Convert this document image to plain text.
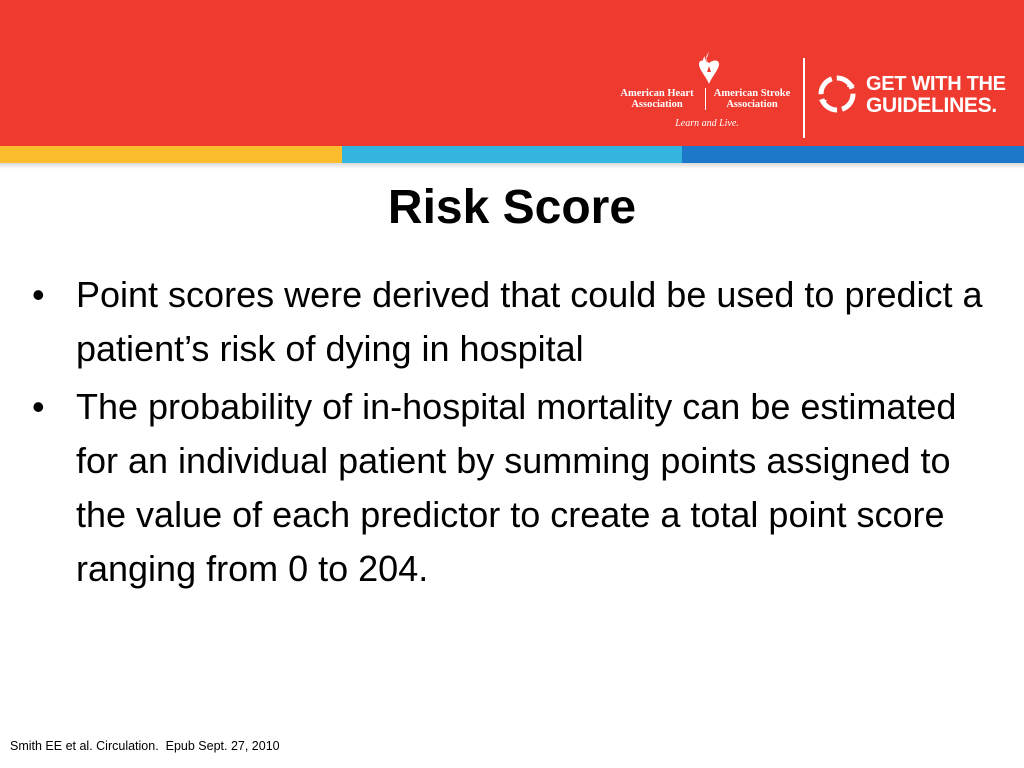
American Heart Association
American Stroke Association
Learn and Live.
GET WITH THE
GUIDELINES.
Risk Score
• Point scores were derived that could be used to predict a patient’s risk of dying in hospital
• The probability of in-hospital mortality can be estimated for an individual patient by summing points assigned to the value of each predictor to create a total point score ranging from 0 to 204.
Smith EE et al. Circulation.  Epub Sept. 27, 2010
